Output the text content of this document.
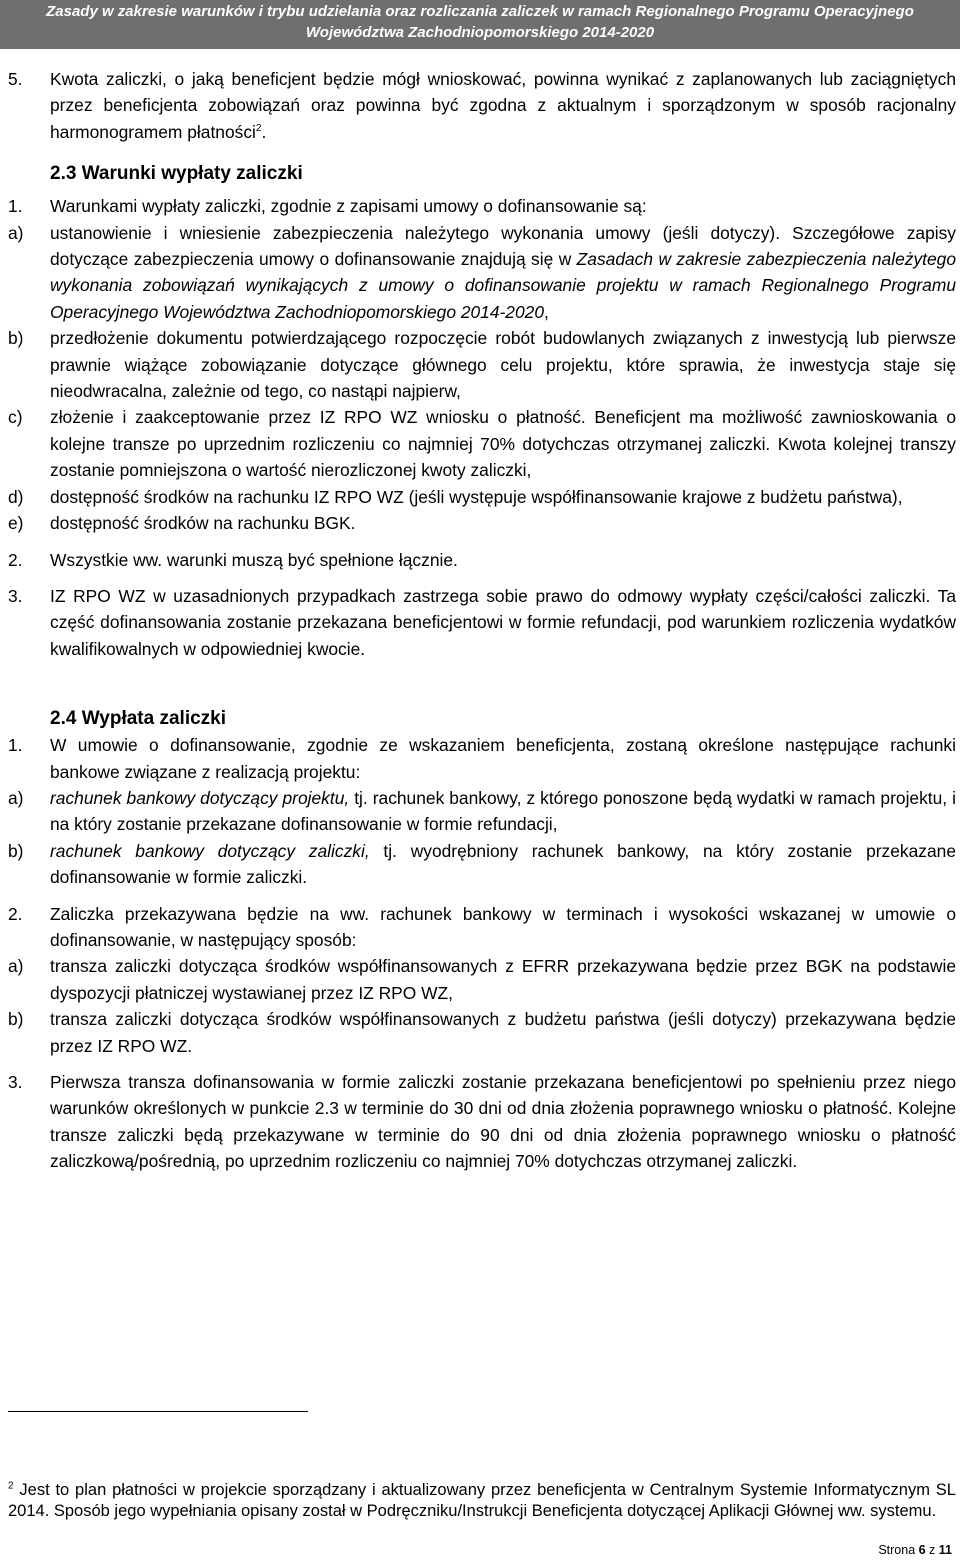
Zasady w zakresie warunków i trybu udzielania oraz rozliczania zaliczek w ramach Regionalnego Programu Operacyjnego
Województwa Zachodniopomorskiego 2014-2020
5. Kwota zaliczki, o jaką beneficjent będzie mógł wnioskować, powinna wynikać z zaplanowanych lub zaciągniętych przez beneficjenta zobowiązań oraz powinna być zgodna z aktualnym i sporządzonym w sposób racjonalny harmonogramem płatności$^2$.
2.3 Warunki wypłaty zaliczki
1. Warunkami wypłaty zaliczki, zgodnie z zapisami umowy o dofinansowanie są:
a) ustanowienie i wniesienie zabezpieczenia należytego wykonania umowy (jeśli dotyczy). Szczegółowe zapisy dotyczące zabezpieczenia umowy o dofinansowanie znajdują się w Zasadach w zakresie zabezpieczenia należytego wykonania zobowiązań wynikających z umowy o dofinansowanie projektu w ramach Regionalnego Programu Operacyjnego Województwa Zachodniopomorskiego 2014-2020,
b) przedłożenie dokumentu potwierdzającego rozpoczęcie robót budowlanych związanych z inwestycją lub pierwsze prawnie wiążące zobowiązanie dotyczące głównego celu projektu, które sprawia, że inwestycja staje się nieodwracalna, zależnie od tego, co nastąpi najpierw,
c) złożenie i zaakceptowanie przez IZ RPO WZ wniosku o płatność. Beneficjent ma możliwość zawnioskowania o kolejne transze po uprzednim rozliczeniu co najmniej 70% dotychczas otrzymanej zaliczki. Kwota kolejnej transzy zostanie pomniejszona o wartość nierozliczonej kwoty zaliczki,
d) dostępność środków na rachunku IZ RPO WZ (jeśli występuje współfinansowanie krajowe z budżetu państwa),
e) dostępność środków na rachunku BGK.
2. Wszystkie ww. warunki muszą być spełnione łącznie.
3. IZ RPO WZ w uzasadnionych przypadkach zastrzega sobie prawo do odmowy wypłaty części/całości zaliczki. Ta część dofinansowania zostanie przekazana beneficjentowi w formie refundacji, pod warunkiem rozliczenia wydatków kwalifikowalnych w odpowiedniej kwocie.
2.4 Wypłata zaliczki
1. W umowie o dofinansowanie, zgodnie ze wskazaniem beneficjenta, zostaną określone następujące rachunki bankowe związane z realizacją projektu:
a) rachunek bankowy dotyczący projektu, tj. rachunek bankowy, z którego ponoszone będą wydatki w ramach projektu, i na który zostanie przekazane dofinansowanie w formie refundacji,
b) rachunek bankowy dotyczący zaliczki, tj. wyodrębniony rachunek bankowy, na który zostanie przekazane dofinansowanie w formie zaliczki.
2. Zaliczka przekazywana będzie na ww. rachunek bankowy w terminach i wysokości wskazanej w umowie o dofinansowanie, w następujący sposób:
a) transza zaliczki dotycząca środków współfinansowanych z EFRR przekazywana będzie przez BGK na podstawie dyspozycji płatniczej wystawianej przez IZ RPO WZ,
b) transza zaliczki dotycząca środków współfinansowanych z budżetu państwa (jeśli dotyczy) przekazywana będzie przez IZ RPO WZ.
3. Pierwsza transza dofinansowania w formie zaliczki zostanie przekazana beneficjentowi po spełnieniu przez niego warunków określonych w punkcie 2.3 w terminie do 30 dni od dnia złożenia poprawnego wniosku o płatność. Kolejne transze zaliczki będą przekazywane w terminie do 90 dni od dnia złożenia poprawnego wniosku o płatność zaliczkową/pośrednią, po uprzednim rozliczeniu co najmniej 70% dotychczas otrzymanej zaliczki.
$^2$ Jest to plan płatności w projekcie sporządzany i aktualizowany przez beneficjenta w Centralnym Systemie Informatycznym SL 2014. Sposób jego wypełniania opisany został w Podręczniku/Instrukcji Beneficjenta dotyczącej Aplikacji Głównej ww. systemu.
Strona 6 z 11
